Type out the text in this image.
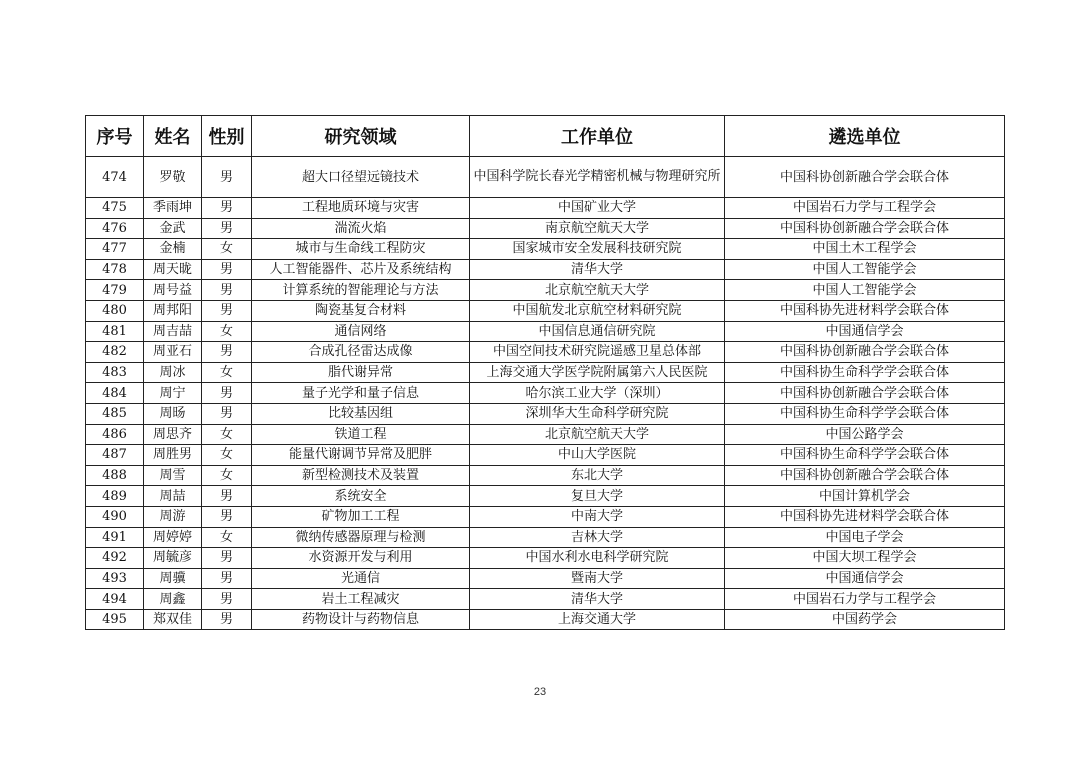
序号	姓名	性别	研究领域	工作单位	遴选单位
474	罗敬	男	超大口径望远镜技术	中国科学院长春光学精密机械与物理研究所	中国科协创新融合学会联合体
475	季雨坤	男	工程地质环境与灾害	中国矿业大学	中国岩石力学与工程学会
476	金武	男	湍流火焰	南京航空航天大学	中国科协创新融合学会联合体
477	金楠	女	城市与生命线工程防灾	国家城市安全发展科技研究院	中国土木工程学会
478	周天昽	男	人工智能器件、芯片及系统结构	清华大学	中国人工智能学会
479	周号益	男	计算系统的智能理论与方法	北京航空航天大学	中国人工智能学会
480	周邦阳	男	陶瓷基复合材料	中国航发北京航空材料研究院	中国科协先进材料学会联合体
481	周吉喆	女	通信网络	中国信息通信研究院	中国通信学会
482	周亚石	男	合成孔径雷达成像	中国空间技术研究院遥感卫星总体部	中国科协创新融合学会联合体
483	周冰	女	脂代谢异常	上海交通大学医学院附属第六人民医院	中国科协生命科学学会联合体
484	周宁	男	量子光学和量子信息	哈尔滨工业大学（深圳）	中国科协创新融合学会联合体
485	周旸	男	比较基因组	深圳华大生命科学研究院	中国科协生命科学学会联合体
486	周思齐	女	铁道工程	北京航空航天大学	中国公路学会
487	周胜男	女	能量代谢调节异常及肥胖	中山大学医院	中国科协生命科学学会联合体
488	周雪	女	新型检测技术及装置	东北大学	中国科协创新融合学会联合体
489	周喆	男	系统安全	复旦大学	中国计算机学会
490	周游	男	矿物加工工程	中南大学	中国科协先进材料学会联合体
491	周婷婷	女	微纳传感器原理与检测	吉林大学	中国电子学会
492	周毓彦	男	水资源开发与利用	中国水利水电科学研究院	中国大坝工程学会
493	周骥	男	光通信	暨南大学	中国通信学会
494	周鑫	男	岩土工程减灾	清华大学	中国岩石力学与工程学会
495	郑双佳	男	药物设计与药物信息	上海交通大学	中国药学会
23
